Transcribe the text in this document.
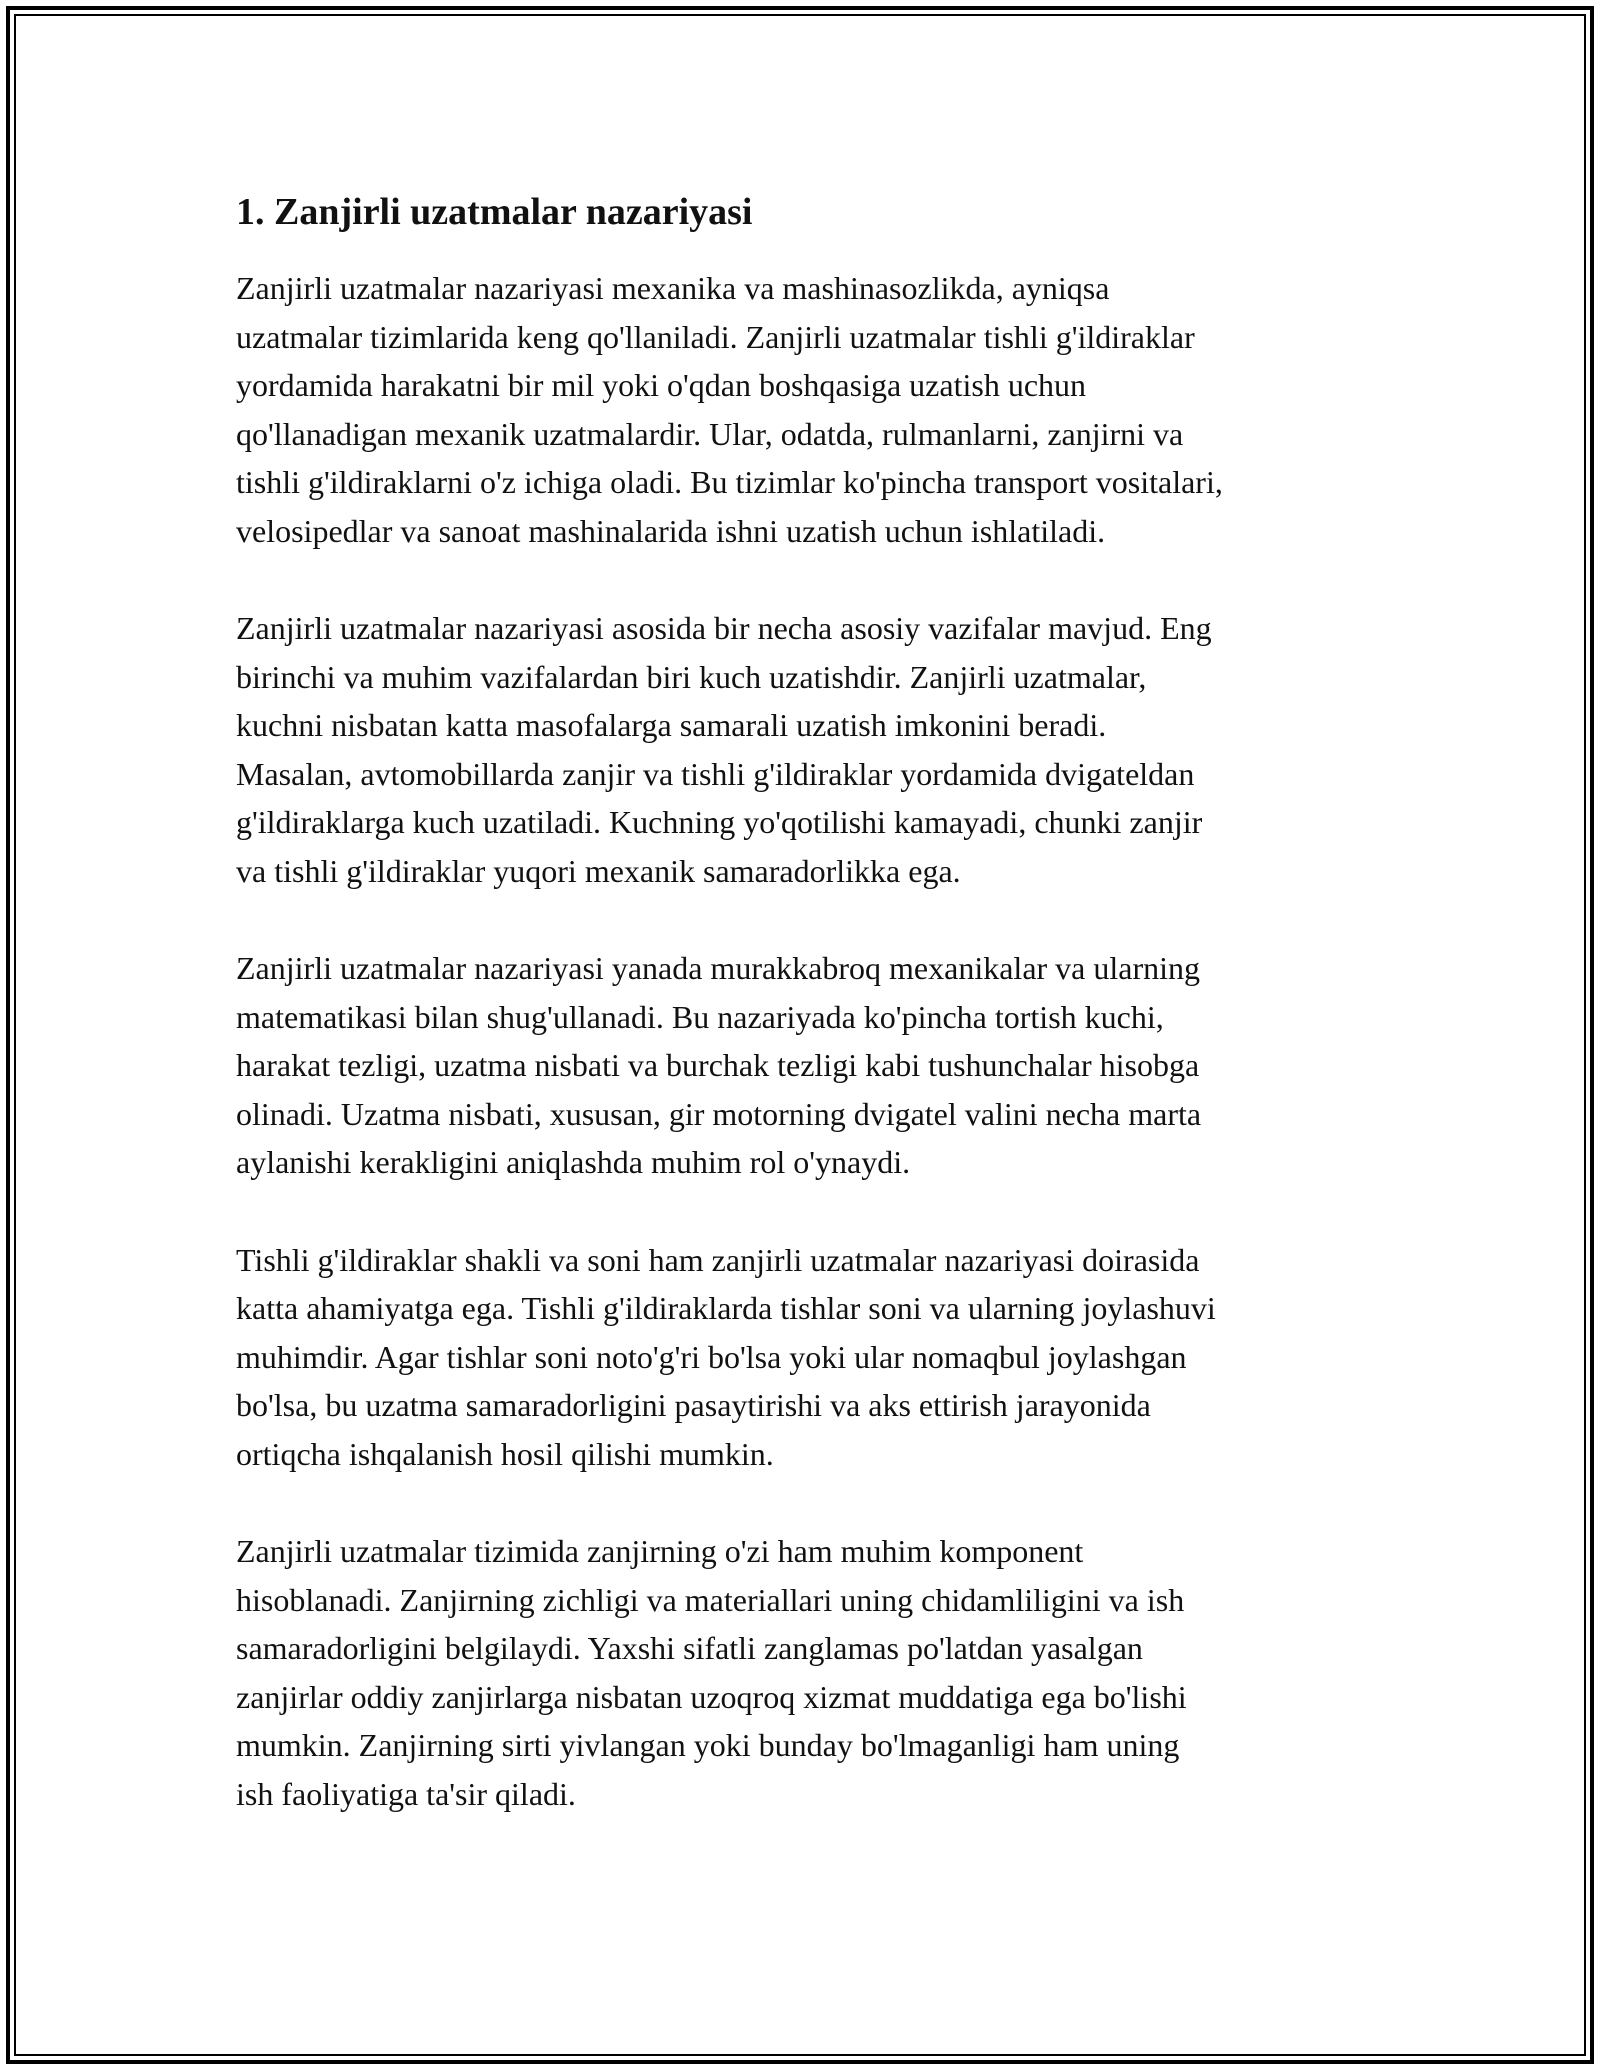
1. Zanjirli uzatmalar nazariyasi
Zanjirli uzatmalar nazariyasi mexanika va mashinasozlikda, ayniqsa
uzatmalar tizimlarida keng qo'llaniladi. Zanjirli uzatmalar tishli g'ildiraklar
yordamida harakatni bir mil yoki o'qdan boshqasiga uzatish uchun
qo'llanadigan mexanik uzatmalardir. Ular, odatda, rulmanlarni, zanjirni va
tishli g'ildiraklarni o'z ichiga oladi. Bu tizimlar ko'pincha transport vositalari,
velosipedlar va sanoat mashinalarida ishni uzatish uchun ishlatiladi.
Zanjirli uzatmalar nazariyasi asosida bir necha asosiy vazifalar mavjud. Eng
birinchi va muhim vazifalardan biri kuch uzatishdir. Zanjirli uzatmalar,
kuchni nisbatan katta masofalarga samarali uzatish imkonini beradi.
Masalan, avtomobillarda zanjir va tishli g'ildiraklar yordamida dvigateldan
g'ildiraklarga kuch uzatiladi. Kuchning yo'qotilishi kamayadi, chunki zanjir
va tishli g'ildiraklar yuqori mexanik samaradorlikka ega.
Zanjirli uzatmalar nazariyasi yanada murakkabroq mexanikalar va ularning
matematikasi bilan shug'ullanadi. Bu nazariyada ko'pincha tortish kuchi,
harakat tezligi, uzatma nisbati va burchak tezligi kabi tushunchalar hisobga
olinadi. Uzatma nisbati, xususan, gir motorning dvigatel valini necha marta
aylanishi kerakligini aniqlashda muhim rol o'ynaydi.
Tishli g'ildiraklar shakli va soni ham zanjirli uzatmalar nazariyasi doirasida
katta ahamiyatga ega. Tishli g'ildiraklarda tishlar soni va ularning joylashuvi
muhimdir. Agar tishlar soni noto'g'ri bo'lsa yoki ular nomaqbul joylashgan
bo'lsa, bu uzatma samaradorligini pasaytirishi va aks ettirish jarayonida
ortiqcha ishqalanish hosil qilishi mumkin.
Zanjirli uzatmalar tizimida zanjirning o'zi ham muhim komponent
hisoblanadi. Zanjirning zichligi va materiallari uning chidamliligini va ish
samaradorligini belgilaydi. Yaxshi sifatli zanglamas po'latdan yasalgan
zanjirlar oddiy zanjirlarga nisbatan uzoqroq xizmat muddatiga ega bo'lishi
mumkin. Zanjirning sirti yivlangan yoki bunday bo'lmaganligi ham uning
ish faoliyatiga ta'sir qiladi.
